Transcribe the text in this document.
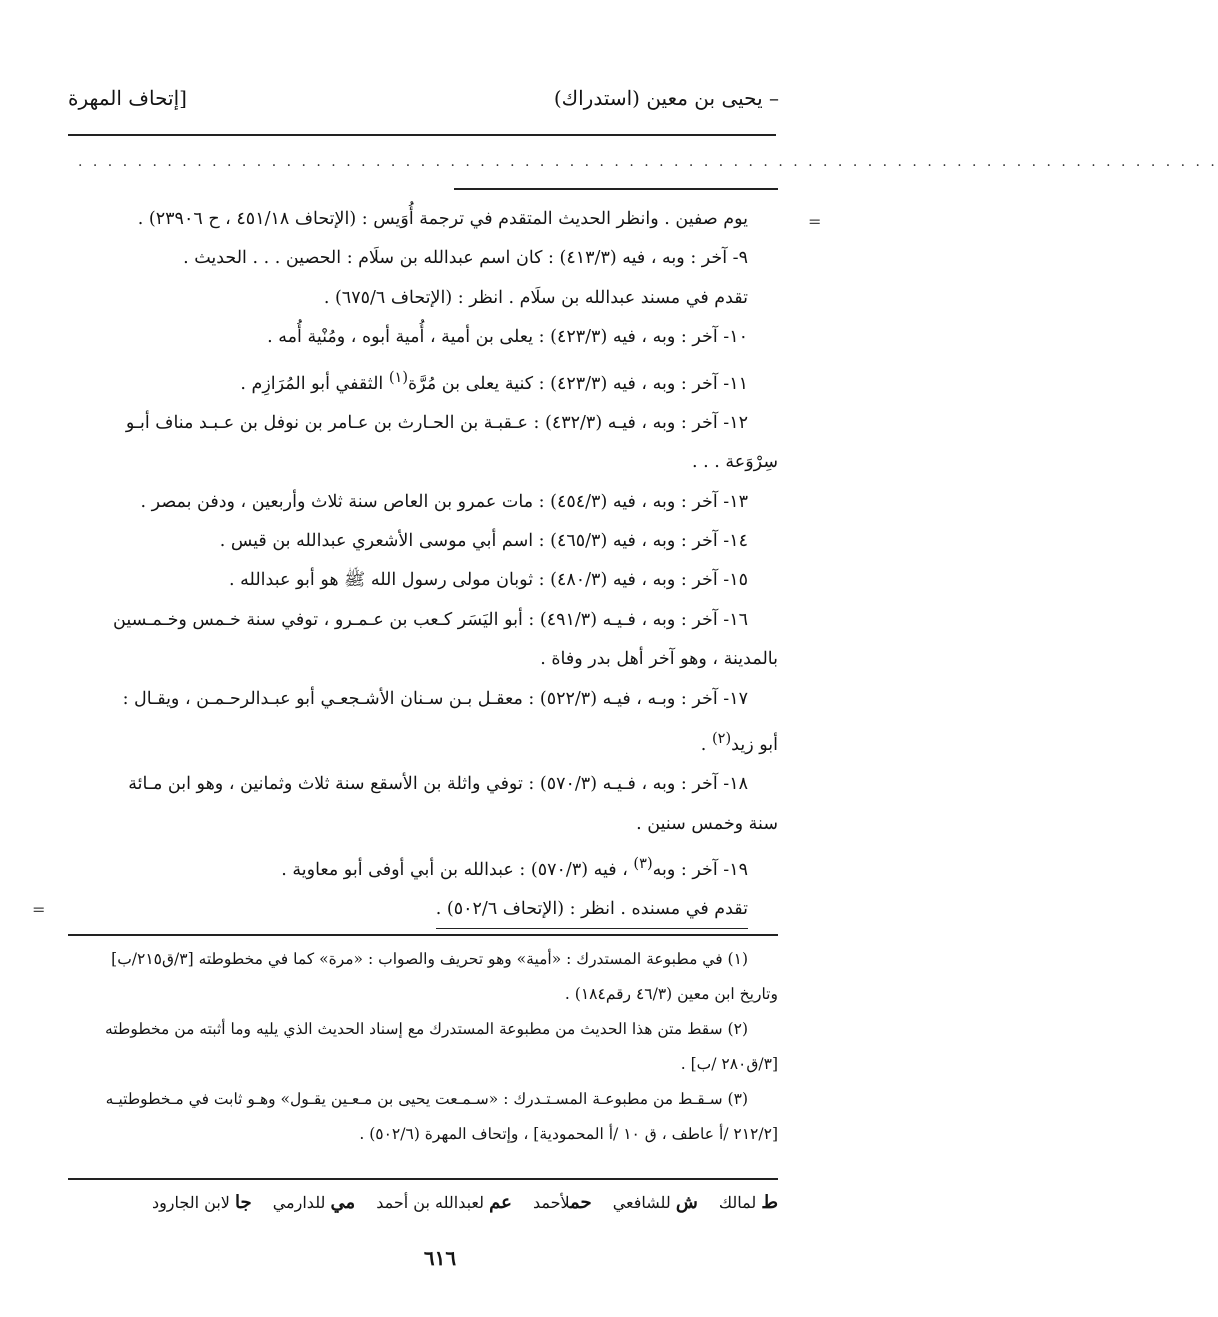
– يحيى بن معين (استدراك)
[إتحاف المهرة
· · · · · · · · · · · · · · · · · · · · · · · · · · · · · · · · · · · · · · · · · · · · · · · · · · · · · · · · · · · · · · · · · · · · · · · · · · · · ·
=
=

يوم صفين . وانظر الحديث المتقدم في ترجمة أُوَيس : (الإتحاف ٤٥١/١٨ ، ح ٢٣٩٠٦) .

٩- آخر : وبه ، فيه (٤١٣/٣) : كان اسم عبدالله بن سلَام : الحصين . . . الحديث .

تقدم في مسند عبدالله بن سلَام . انظر : (الإتحاف ٦٧٥/٦) .

١٠- آخر : وبه ، فيه (٤٢٣/٣) : يعلى بن أمية ، أُمية أبوه ، ومُنْية أُمه .

١١- آخر : وبه ، فيه (٤٢٣/٣) : كنية يعلى بن مُرَّة$^{(١)}$ الثقفي أبو المُرَازِم .

١٢- آخر : وبه ، فيـه (٤٣٢/٣) : عـقبـة بن الحـارث بن عـامر بن نوفل بن عـبـد مناف أبـو

سِرْوَعة . . .

١٣- آخر : وبه ، فيه (٤٥٤/٣) : مات عمرو بن العاص سنة ثلاث وأربعين ، ودفن بمصر .

١٤- آخر : وبه ، فيه (٤٦٥/٣) : اسم أبي موسى الأشعري عبدالله بن قيس .

١٥- آخر : وبه ، فيه (٤٨٠/٣) : ثوبان مولى رسول الله ﷺ هو أبو عبدالله .

١٦- آخر : وبه ، فـيـه (٤٩١/٣) : أبو اليَسَر كـعب بن عـمـرو ، توفي سنة خـمس وخـمـسين

بالمدينة ، وهو آخر أهل بدر وفاة .

١٧- آخر : وبـه ، فيـه (٥٢٢/٣) : معقـل بـن سـنان الأشـجعـي أبو عبـدالرحـمـن ، ويقـال :

أبو زيد$^{(٢)}$ .

١٨- آخر : وبه ، فـيـه (٥٧٠/٣) : توفي واثلة بن الأسقع سنة ثلاث وثمانين ، وهو ابن مـائة

سنة وخمس سنين .

١٩- آخر : وبه$^{(٣)}$ ، فيه (٥٧٠/٣) : عبدالله بن أبي أوفى أبو معاوية .

تقدم في مسنده . انظر : (الإتحاف ٥٠٢/٦) .

(١) في مطبوعة المستدرك : «أمية» وهو تحريف والصواب : «مرة» كما في مخطوطته [٣/ق٢١٥/ب]

وتاريخ ابن معين (٤٦/٣ رقم١٨٤) .

(٢) سقط متن هذا الحديث من مطبوعة المستدرك مع إسناد الحديث الذي يليه وما أثبته من مخطوطته

[٣/ق٢٨٠ /ب] .

(٣) سـقـط من مطبوعـة المسـتـدرك : «سـمـعت يحيى بن مـعـين يقـول» وهـو ثابت في مـخطوطتيـه

[٢١٢/٢ /أ عاطف ، ق ١٠ /أ المحمودية] ، وإتحاف المهرة (٥٠٢/٦) .

ط لمالك ش للشافعي حملأحمد عم لعبدالله بن أحمد مي للدارمي جا لابن الجارود
٦١٦
